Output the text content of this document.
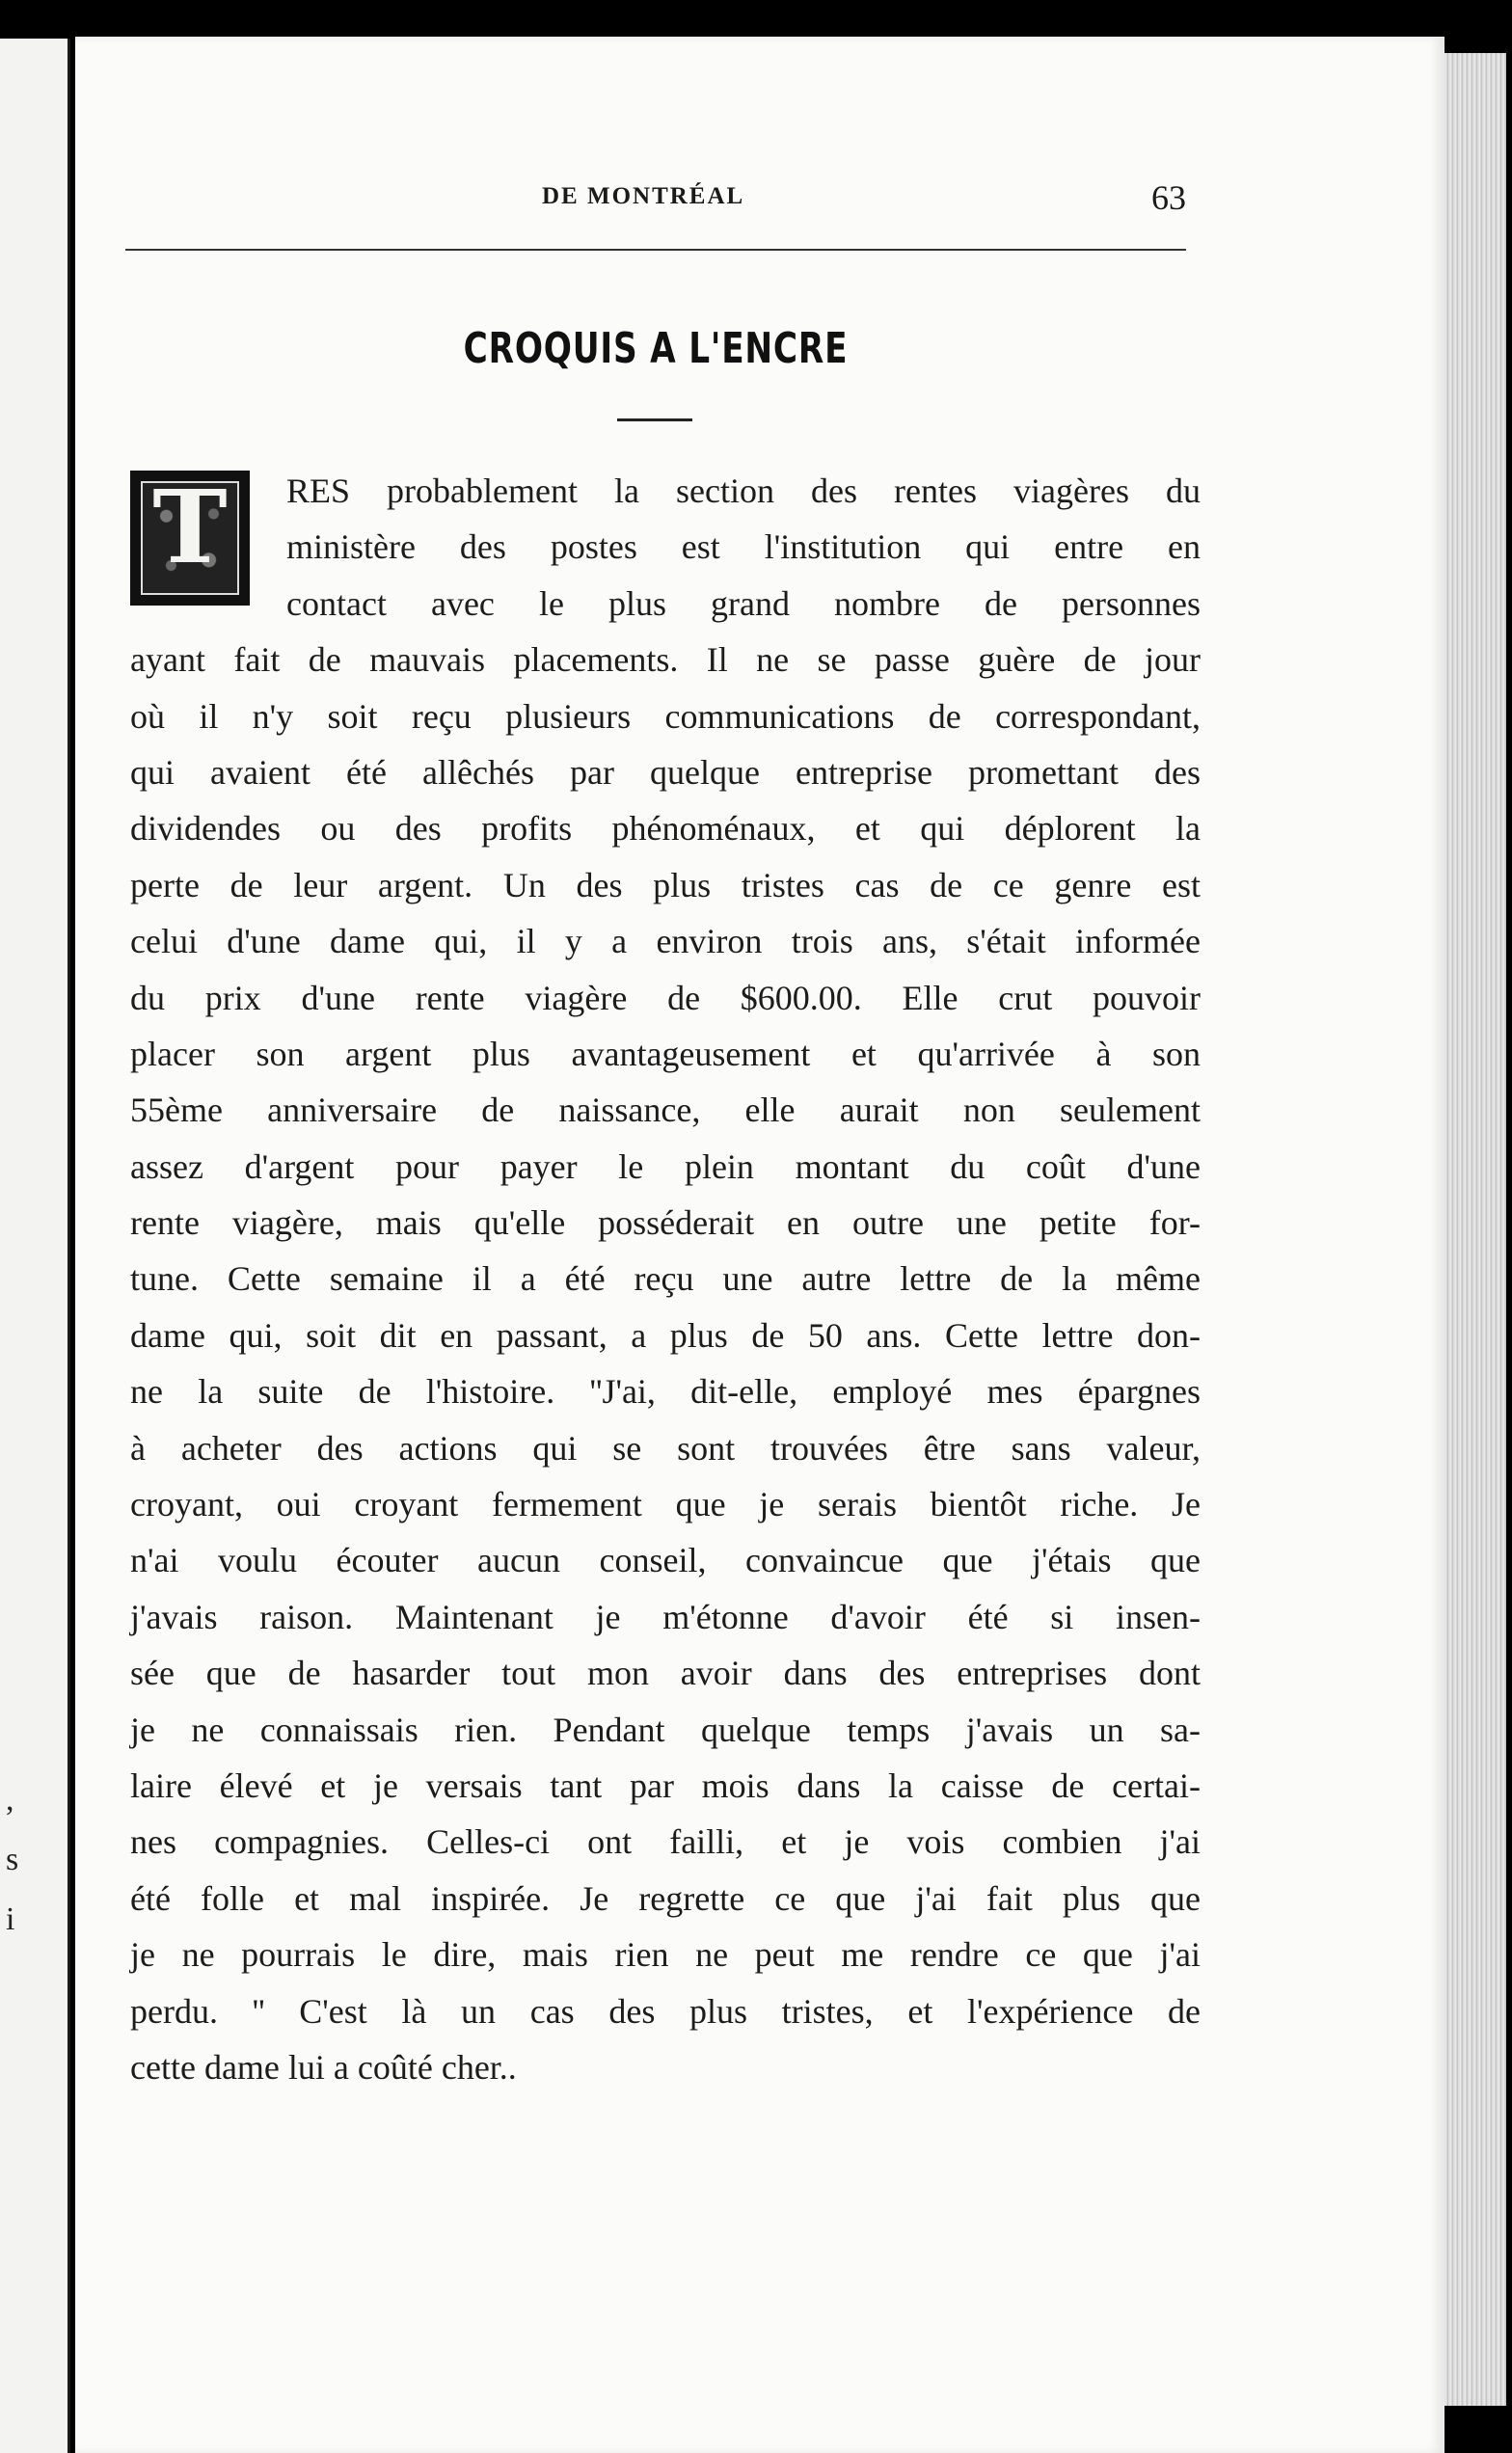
,
s
i
DE MONTRÉAL	63
CROQUIS A L'ENCRE
T	RES probablement la section des rentes viagères du
ministère des postes est l'institution qui entre en
contact avec le plus grand nombre de personnes
ayant fait de mauvais placements. Il ne se passe guère de jour
où il n'y soit reçu plusieurs communications de correspondant,
qui avaient été allêchés par quelque entreprise promettant des
dividendes ou des profits phénoménaux, et qui déplorent la
perte de leur argent. Un des plus tristes cas de ce genre est
celui d'une dame qui, il y a environ trois ans, s'était informée
du prix d'une rente viagère de $600.00. Elle crut pouvoir
placer son argent plus avantageusement et qu'arrivée à son
55ème anniversaire de naissance, elle aurait non seulement
assez d'argent pour payer le plein montant du coût d'une
rente viagère, mais qu'elle posséderait en outre une petite for-
tune. Cette semaine il a été reçu une autre lettre de la même
dame qui, soit dit en passant, a plus de 50 ans. Cette lettre don-
ne la suite de l'histoire. ''J'ai, dit-elle, employé mes épargnes
à acheter des actions qui se sont trouvées être sans valeur,
croyant, oui croyant fermement que je serais bientôt riche. Je
n'ai voulu écouter aucun conseil, convaincue que j'étais que
j'avais raison. Maintenant je m'étonne d'avoir été si insen-
sée que de hasarder tout mon avoir dans des entreprises dont
je ne connaissais rien. Pendant quelque temps j'avais un sa-
laire élevé et je versais tant par mois dans la caisse de certai-
nes compagnies. Celles-ci ont failli, et je vois combien j'ai
été folle et mal inspirée. Je regrette ce que j'ai fait plus que
je ne pourrais le dire, mais rien ne peut me rendre ce que j'ai
perdu. '' C'est là un cas des plus tristes, et l'expérience de
cette dame lui a coûté cher..
